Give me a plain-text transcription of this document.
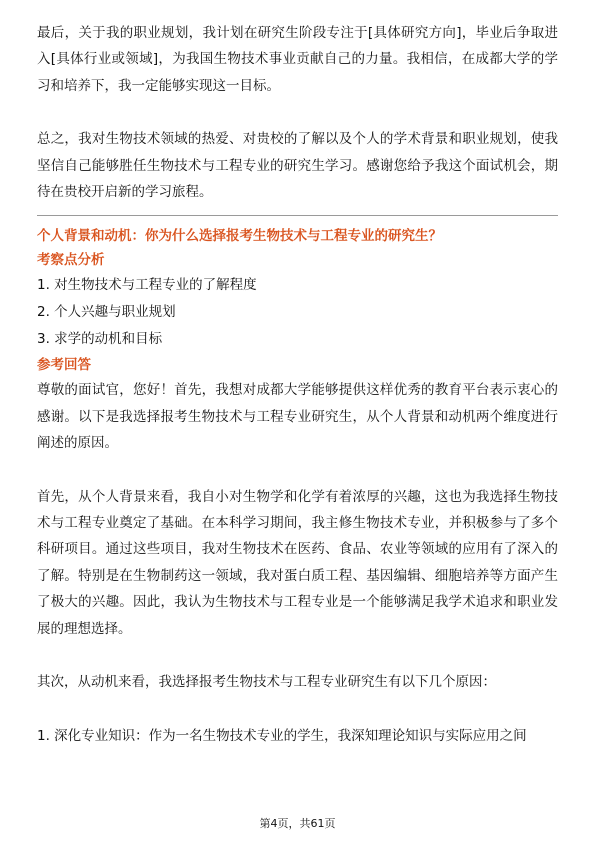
最后，关于我的职业规划，我计划在研究生阶段专注于[具体研究方向]，毕业后争取进入[具体行业或领域]，为我国生物技术事业贡献自己的力量。我相信，在成都大学的学习和培养下，我一定能够实现这一目标。

总之，我对生物技术领域的热爱、对贵校的了解以及个人的学术背景和职业规划，使我坚信自己能够胜任生物技术与工程专业的研究生学习。感谢您给予我这个面试机会，期待在贵校开启新的学习旅程。

个人背景和动机：你为什么选择报考生物技术与工程专业的研究生？

考察点分析

1. 对生物技术与工程专业的了解程度

2. 个人兴趣与职业规划

3. 求学的动机和目标

参考回答

尊敬的面试官，您好！首先，我想对成都大学能够提供这样优秀的教育平台表示衷心的感谢。以下是我选择报考生物技术与工程专业研究生，从个人背景和动机两个维度进行阐述的原因。

首先，从个人背景来看，我自小对生物学和化学有着浓厚的兴趣，这也为我选择生物技术与工程专业奠定了基础。在本科学习期间，我主修生物技术专业，并积极参与了多个科研项目。通过这些项目，我对生物技术在医药、食品、农业等领域的应用有了深入的了解。特别是在生物制药这一领域，我对蛋白质工程、基因编辑、细胞培养等方面产生了极大的兴趣。因此，我认为生物技术与工程专业是一个能够满足我学术追求和职业发展的理想选择。

其次，从动机来看，我选择报考生物技术与工程专业研究生有以下几个原因：

1. 深化专业知识：作为一名生物技术专业的学生，我深知理论知识与实际应用之间

第4页，共61页
